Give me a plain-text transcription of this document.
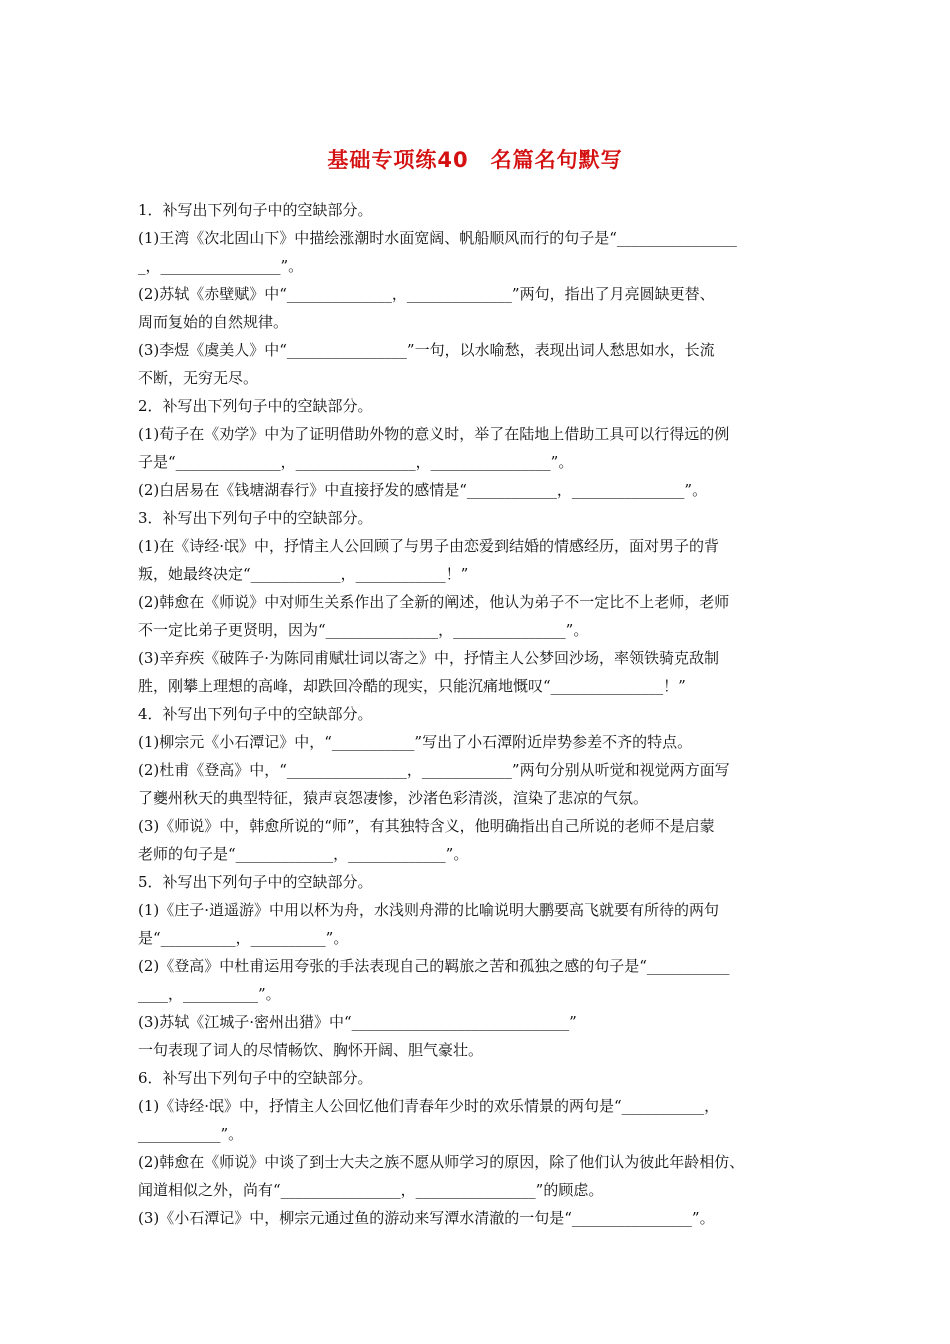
基础专项练40　名篇名句默写
1．补写出下列句子中的空缺部分。
(1)王湾《次北固山下》中描绘涨潮时水面宽阔、帆船顺风而行的句子是“________________
_，________________”。
(2)苏轼《赤壁赋》中“______________，______________”两句，指出了月亮圆缺更替、
周而复始的自然规律。
(3)李煜《虞美人》中“________________”一句，以水喻愁，表现出词人愁思如水，长流
不断，无穷无尽。
2．补写出下列句子中的空缺部分。
(1)荀子在《劝学》中为了证明借助外物的意义时，举了在陆地上借助工具可以行得远的例
子是“______________，________________，________________”。
(2)白居易在《钱塘湖春行》中直接抒发的感情是“____________，_______________”。
3．补写出下列句子中的空缺部分。
(1)在《诗经·氓》中，抒情主人公回顾了与男子由恋爱到结婚的情感经历，面对男子的背
叛，她最终决定“____________，____________！”
(2)韩愈在《师说》中对师生关系作出了全新的阐述，他认为弟子不一定比不上老师，老师
不一定比弟子更贤明，因为“_______________，_______________”。
(3)辛弃疾《破阵子·为陈同甫赋壮词以寄之》中，抒情主人公梦回沙场，率领铁骑克敌制
胜，刚攀上理想的高峰，却跌回冷酷的现实，只能沉痛地慨叹“_______________！”
4．补写出下列句子中的空缺部分。
(1)柳宗元《小石潭记》中，“___________”写出了小石潭附近岸势参差不齐的特点。
(2)杜甫《登高》中，“________________，____________”两句分别从听觉和视觉两方面写
了夔州秋天的典型特征，猿声哀怨凄惨，沙渚色彩清淡，渲染了悲凉的气氛。
(3)《师说》中，韩愈所说的“师”，有其独特含义，他明确指出自己所说的老师不是启蒙
老师的句子是“_____________，_____________”。
5．补写出下列句子中的空缺部分。
(1)《庄子·逍遥游》中用以杯为舟，水浅则舟滞的比喻说明大鹏要高飞就要有所待的两句
是“__________，__________”。
(2)《登高》中杜甫运用夸张的手法表现自己的羁旅之苦和孤独之感的句子是“___________
____，__________”。
(3)苏轼《江城子·密州出猎》中“_____________________________”
一句表现了词人的尽情畅饮、胸怀开阔、胆气豪壮。
6．补写出下列句子中的空缺部分。
(1)《诗经·氓》中，抒情主人公回忆他们青春年少时的欢乐情景的两句是“___________，
___________”。
(2)韩愈在《师说》中谈了到士大夫之族不愿从师学习的原因，除了他们认为彼此年龄相仿、
闻道相似之外，尚有“________________，________________”的顾虑。
(3)《小石潭记》中，柳宗元通过鱼的游动来写潭水清澈的一句是“________________”。
